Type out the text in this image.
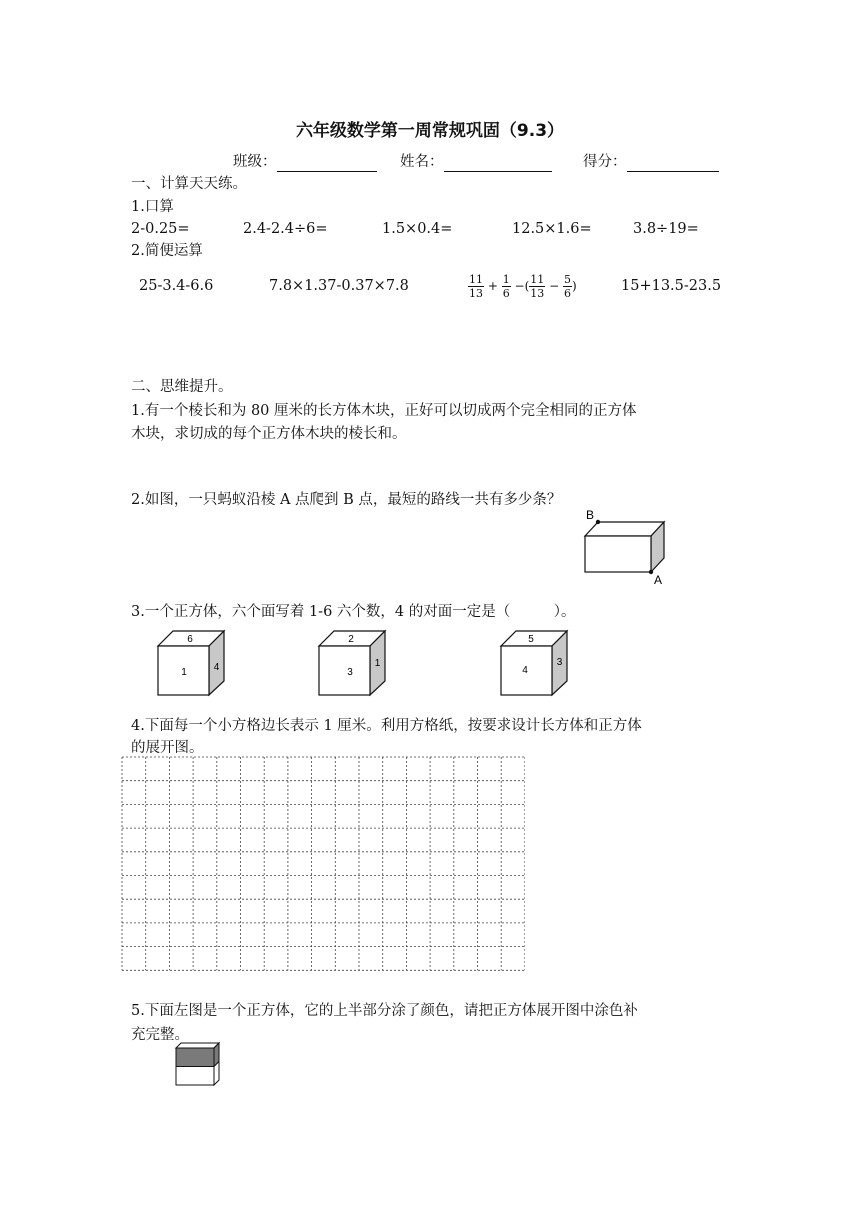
六年级数学第一周常规巩固（9.3）
班级：	姓名：	得分：
一、计算天天练。
1.口算
2-0.25=	2.4-2.4÷6=	1.5×0.4=	12.5×1.6=	3.8÷19=
2.简便运算
25-3.4-6.6	7.8×1.37-0.37×7.8	$\frac{11}{13} + \frac{1}{6}$ −( $\frac{11}{13} - \frac{5}{6}$ )	15+13.5-23.5
二、思维提升。
1.有一个棱长和为 80 厘米的长方体木块，正好可以切成两个完全相同的正方体
木块，求切成的每个正方体木块的棱长和。
2.如图，一只蚂蚁沿棱 A 点爬到 B 点，最短的路线一共有多少条？
B
A
3.一个正方体，六个面写着 1-6 六个数，4 的对面一定是（　　　）。
6
1	4
2
3
1
5
4
3
4.下面每一个小方格边长表示 1 厘米。利用方格纸，按要求设计长方体和正方体
的展开图。
5.下面左图是一个正方体，它的上半部分涂了颜色，请把正方体展开图中涂色补
充完整。
